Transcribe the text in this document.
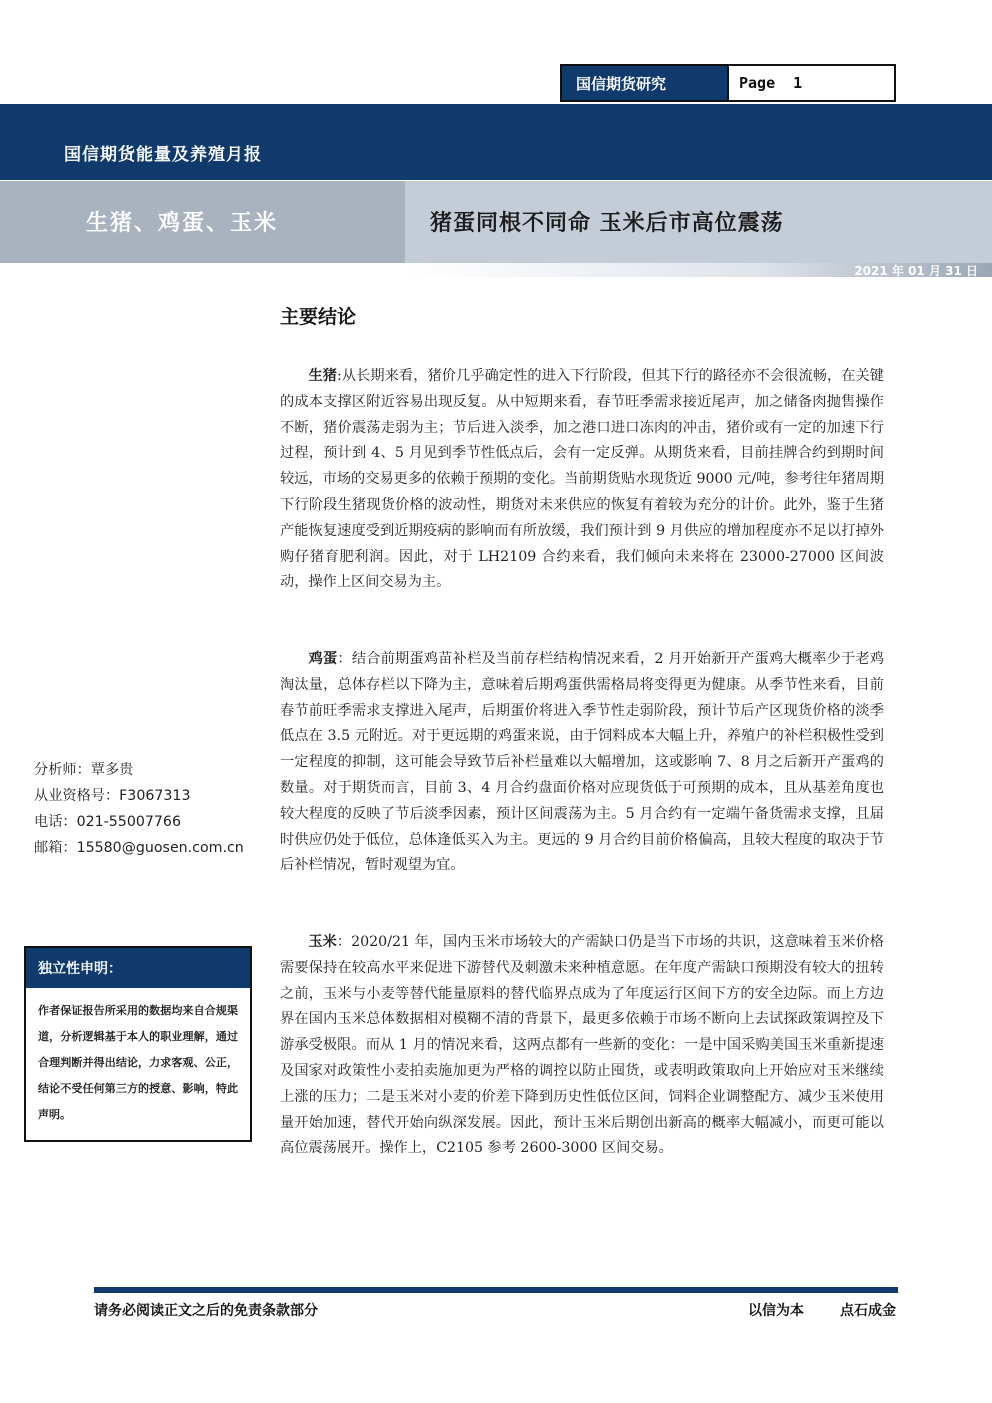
国信期货研究	Page 1
国信期货能量及养殖月报
生猪、鸡蛋、玉米	猪蛋同根不同命 玉米后市高位震荡
2021 年 01 月 31 日
主要结论
  生猪:从长期来看，猪价几乎确定性的进入下行阶段，但其下行的路径亦不会很流畅，在关键的成本支撑区附近容易出现反复。从中短期来看，春节旺季需求接近尾声，加之储备肉抛售操作不断，猪价震荡走弱为主；节后进入淡季，加之港口进口冻肉的冲击，猪价或有一定的加速下行过程，预计到 4、5 月见到季节性低点后，会有一定反弹。从期货来看，目前挂牌合约到期时间较远，市场的交易更多的依赖于预期的变化。当前期货贴水现货近 9000 元/吨，参考往年猪周期下行阶段生猪现货价格的波动性，期货对未来供应的恢复有着较为充分的计价。此外，鉴于生猪产能恢复速度受到近期疫病的影响而有所放缓，我们预计到 9 月供应的增加程度亦不足以打掉外购仔猪育肥利润。因此，对于 LH2109 合约来看，我们倾向未来将在 23000-27000 区间波动，操作上区间交易为主。
  鸡蛋：结合前期蛋鸡苗补栏及当前存栏结构情况来看，2 月开始新开产蛋鸡大概率少于老鸡淘汰量，总体存栏以下降为主，意味着后期鸡蛋供需格局将变得更为健康。从季节性来看，目前春节前旺季需求支撑进入尾声，后期蛋价将进入季节性走弱阶段，预计节后产区现货价格的淡季低点在 3.5 元附近。对于更远期的鸡蛋来说，由于饲料成本大幅上升，养殖户的补栏积极性受到一定程度的抑制，这可能会导致节后补栏量难以大幅增加，这或影响 7、8 月之后新开产蛋鸡的数量。对于期货而言，目前 3、4 月合约盘面价格对应现货低于可预期的成本，且从基差角度也较大程度的反映了节后淡季因素，预计区间震荡为主。5 月合约有一定端午备货需求支撑，且届时供应仍处于低位，总体逢低买入为主。更远的 9 月合约目前价格偏高，且较大程度的取决于节后补栏情况，暂时观望为宜。
  玉米：2020/21 年，国内玉米市场较大的产需缺口仍是当下市场的共识，这意味着玉米价格需要保持在较高水平来促进下游替代及刺激未来种植意愿。在年度产需缺口预期没有较大的扭转之前，玉米与小麦等替代能量原料的替代临界点成为了年度运行区间下方的安全边际。而上方边界在国内玉米总体数据相对模糊不清的背景下，最更多依赖于市场不断向上去试探政策调控及下游承受极限。而从 1 月的情况来看，这两点都有一些新的变化：一是中国采购美国玉米重新提速及国家对政策性小麦拍卖施加更为严格的调控以防止囤货，或表明政策取向上开始应对玉米继续上涨的压力；二是玉米对小麦的价差下降到历史性低位区间，饲料企业调整配方、减少玉米使用量开始加速，替代开始向纵深发展。因此，预计玉米后期创出新高的概率大幅减小，而更可能以高位震荡展开。操作上，C2105 参考 2600-3000 区间交易。
分析师：覃多贵
从业资格号：F3067313
电话：021-55007766
邮箱：15580@guosen.com.cn
独立性申明：
作者保证报告所采用的数据均来自合规渠道，分析逻辑基于本人的职业理解，通过合理判断并得出结论，力求客观、公正，结论不受任何第三方的授意、影响，特此声明。
请务必阅读正文之后的免责条款部分	以信为本	点石成金
